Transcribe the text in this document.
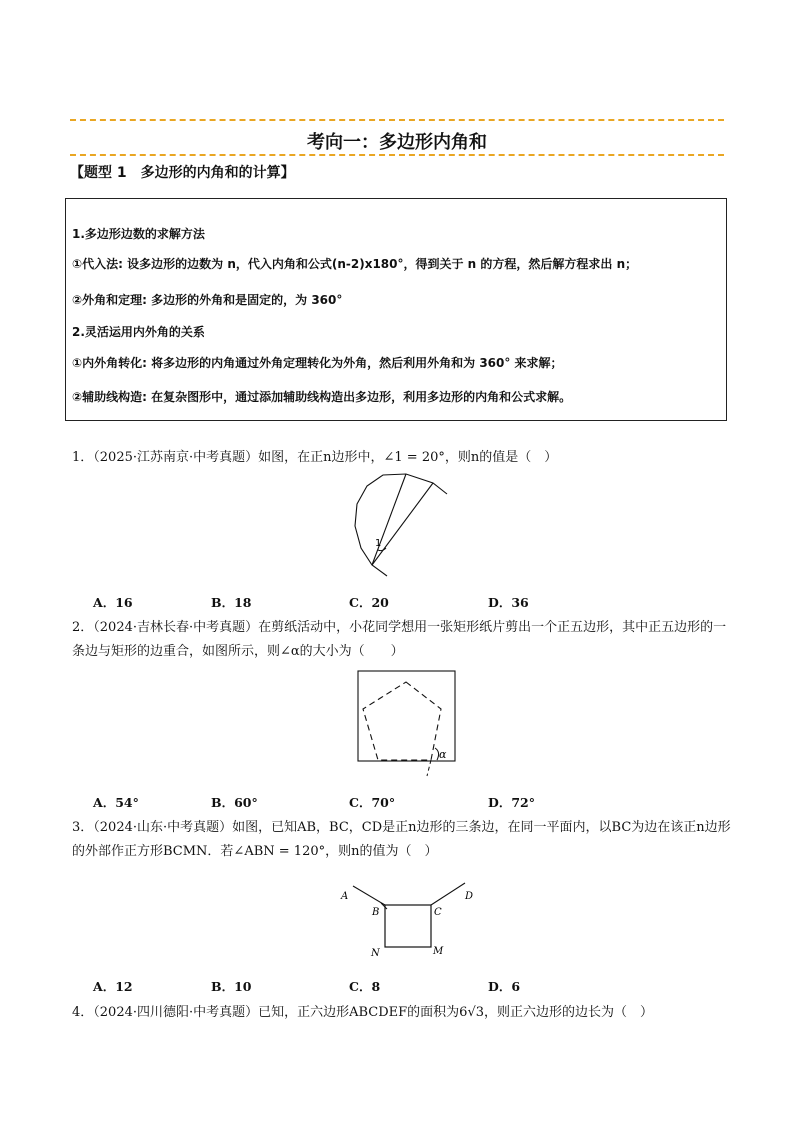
考向一：多边形内角和
【题型 1　多边形的内角和的计算】
1.多边形边数的求解方法
①代入法: 设多边形的边数为 n，代入内角和公式(n-2)x180°，得到关于 n 的方程，然后解方程求出 n；
②外角和定理: 多边形的外角和是固定的，为 360°
2.灵活运用内外角的关系
①内外角转化: 将多边形的内角通过外角定理转化为外角，然后利用外角和为 360° 来求解；
②辅助线构造: 在复杂图形中，通过添加辅助线构造出多边形，利用多边形的内角和公式求解。
1．（2025·江苏南京·中考真题）如图，在正n边形中，∠1 = 20°，则n的值是（　）
1
A．16	B．18	C．20	D．36
2．（2024·吉林长春·中考真题）在剪纸活动中，小花同学想用一张矩形纸片剪出一个正五边形，其中正五边形的一条边与矩形的边重合，如图所示，则∠α的大小为（　　）
α
A．54°	B．60°	C．70°	D．72°
3．（2024·山东·中考真题）如图，已知AB，BC，CD是正n边形的三条边，在同一平面内，以BC为边在该正n边形的外部作正方形BCMN．若∠ABN = 120°，则n的值为（　）
A
B	C
D
N	M
A．12	B．10	C．8	D．6
4．（2024·四川德阳·中考真题）已知，正六边形ABCDEF的面积为6√3，则正六边形的边长为（　）
